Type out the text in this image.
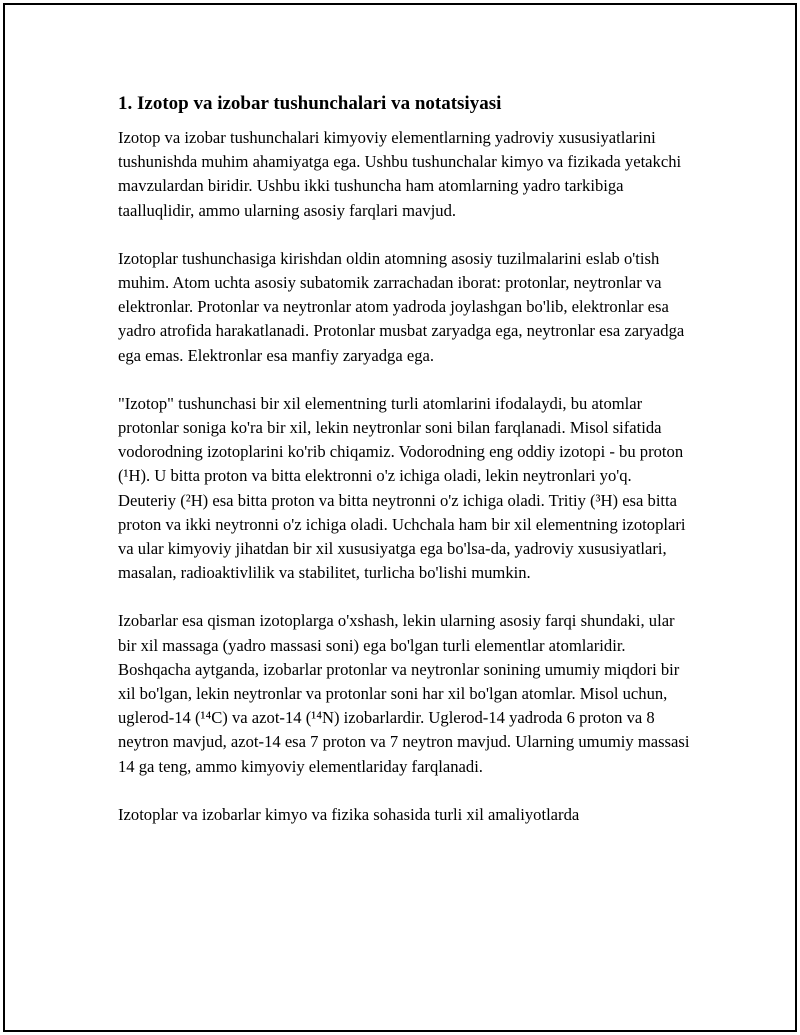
1. Izotop va izobar tushunchalari va notatsiyasi

Izotop va izobar tushunchalari kimyoviy elementlarning yadroviy xususiyatlarini tushunishda muhim ahamiyatga ega. Ushbu tushunchalar kimyo va fizikada yetakchi mavzulardan biridir. Ushbu ikki tushuncha ham atomlarning yadro tarkibiga taalluqlidir, ammo ularning asosiy farqlari mavjud.

Izotoplar tushunchasiga kirishdan oldin atomning asosiy tuzilmalarini eslab o'tish muhim. Atom uchta asosiy subatomik zarrachadan iborat: protonlar, neytronlar va elektronlar. Protonlar va neytronlar atom yadroda joylashgan bo'lib, elektronlar esa yadro atrofida harakatlanadi. Protonlar musbat zaryadga ega, neytronlar esa zaryadga ega emas. Elektronlar esa manfiy zaryadga ega.

"Izotop" tushunchasi bir xil elementning turli atomlarini ifodalaydi, bu atomlar protonlar soniga ko'ra bir xil, lekin neytronlar soni bilan farqlanadi. Misol sifatida vodorodning izotoplarini ko'rib chiqamiz. Vodorodning eng oddiy izotopi - bu proton (¹H). U bitta proton va bitta elektronni o'z ichiga oladi, lekin neytronlari yo'q. Deuteriy (²H) esa bitta proton va bitta neytronni o'z ichiga oladi. Tritiy (³H) esa bitta proton va ikki neytronni o'z ichiga oladi. Uchchala ham bir xil elementning izotoplari va ular kimyoviy jihatdan bir xil xususiyatga ega bo'lsa-da, yadroviy xususiyatlari, masalan, radioaktivlilik va stabilitet, turlicha bo'lishi mumkin.

Izobarlar esa qisman izotoplarga o'xshash, lekin ularning asosiy farqi shundaki, ular bir xil massaga (yadro massasi soni) ega bo'lgan turli elementlar atomlaridir. Boshqacha aytganda, izobarlar protonlar va neytronlar sonining umumiy miqdori bir xil bo'lgan, lekin neytronlar va protonlar soni har xil bo'lgan atomlar. Misol uchun, uglerod-14 (¹⁴C) va azot-14 (¹⁴N) izobarlardir. Uglerod-14 yadroda 6 proton va 8 neytron mavjud, azot-14 esa 7 proton va 7 neytron mavjud. Ularning umumiy massasi 14 ga teng, ammo kimyoviy elementlariday farqlanadi.

Izotoplar va izobarlar kimyo va fizika sohasida turli xil amaliyotlarda
